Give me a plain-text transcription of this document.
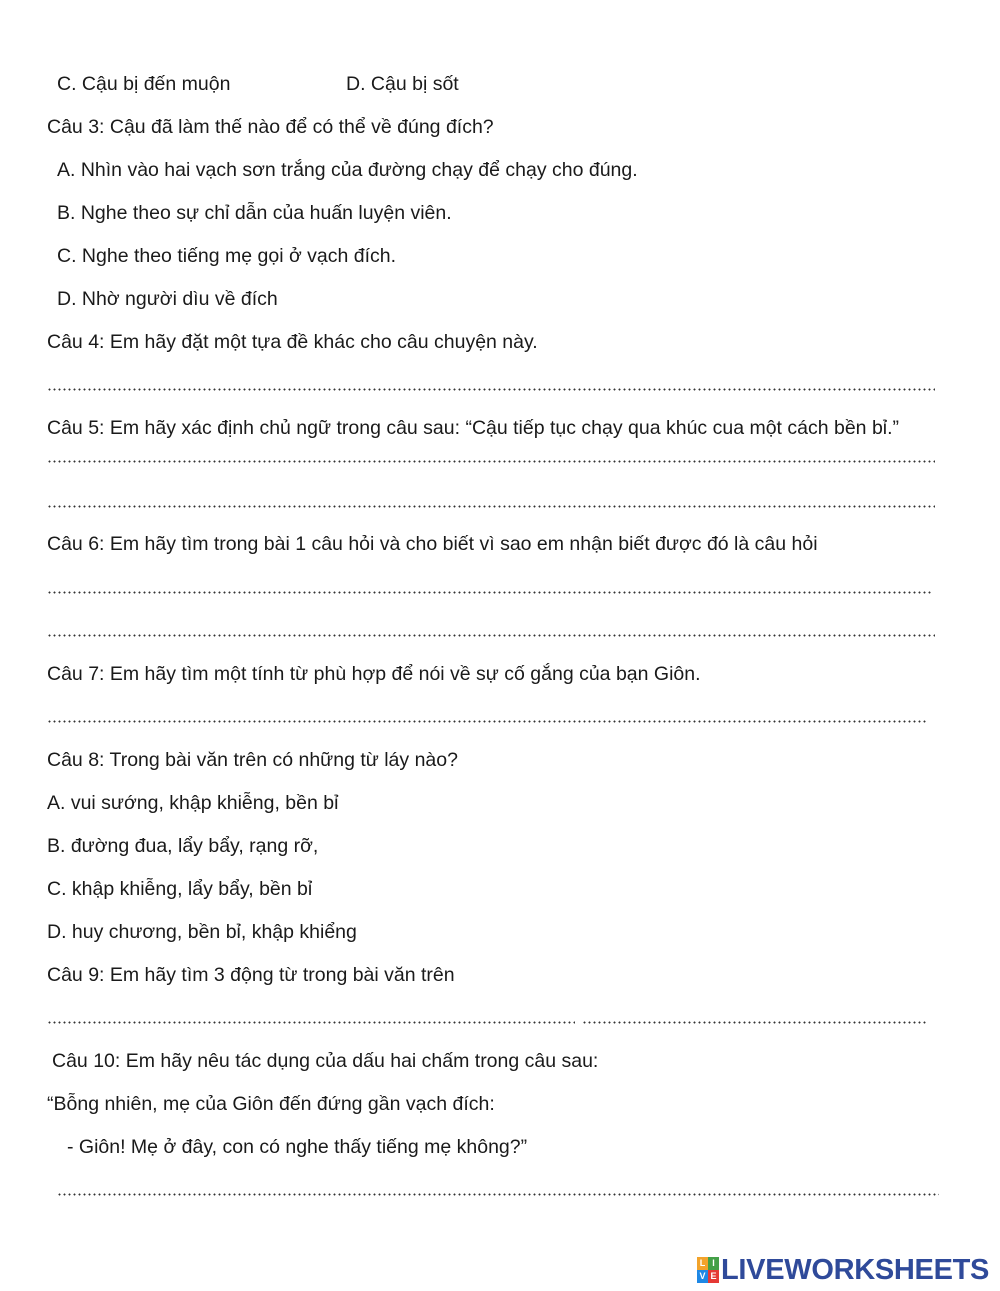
C. Cậu bị đến muộn	D. Cậu bị sốt
Câu 3: Cậu đã làm thế nào để có thể về đúng đích?
A. Nhìn vào hai vạch sơn trắng của đường chạy để chạy cho đúng.
B. Nghe theo sự chỉ dẫn của huấn luyện viên.
C. Nghe theo tiếng mẹ gọi ở vạch đích.
D. Nhờ người dìu về đích
Câu 4: Em hãy đặt một tựa đề khác cho câu chuyện này.
Câu 5: Em hãy xác định chủ ngữ trong câu sau: “Cậu tiếp tục chạy qua khúc cua một cách bền bỉ.”
Câu 6: Em hãy tìm trong bài 1 câu hỏi và cho biết vì sao em nhận biết được đó là câu hỏi
Câu 7: Em hãy tìm một tính từ phù hợp để nói về sự cố gắng của bạn Giôn.
Câu 8: Trong bài văn trên có những từ láy nào?
A. vui sướng, khập khiễng, bền bỉ
B. đường đua, lẩy bẩy, rạng rỡ,
C. khập khiễng, lẩy bẩy, bền bỉ
D. huy chương, bền bỉ, khập khiểng
Câu 9: Em hãy tìm 3 động từ trong bài văn trên
Câu 10: Em hãy nêu tác dụng của dấu hai chấm trong câu sau:
“Bỗng nhiên, mẹ của Giôn đến đứng gần vạch đích:
- Giôn! Mẹ ở đây, con có nghe thấy tiếng mẹ không?”
L I
V E LIVEWORKSHEETS
